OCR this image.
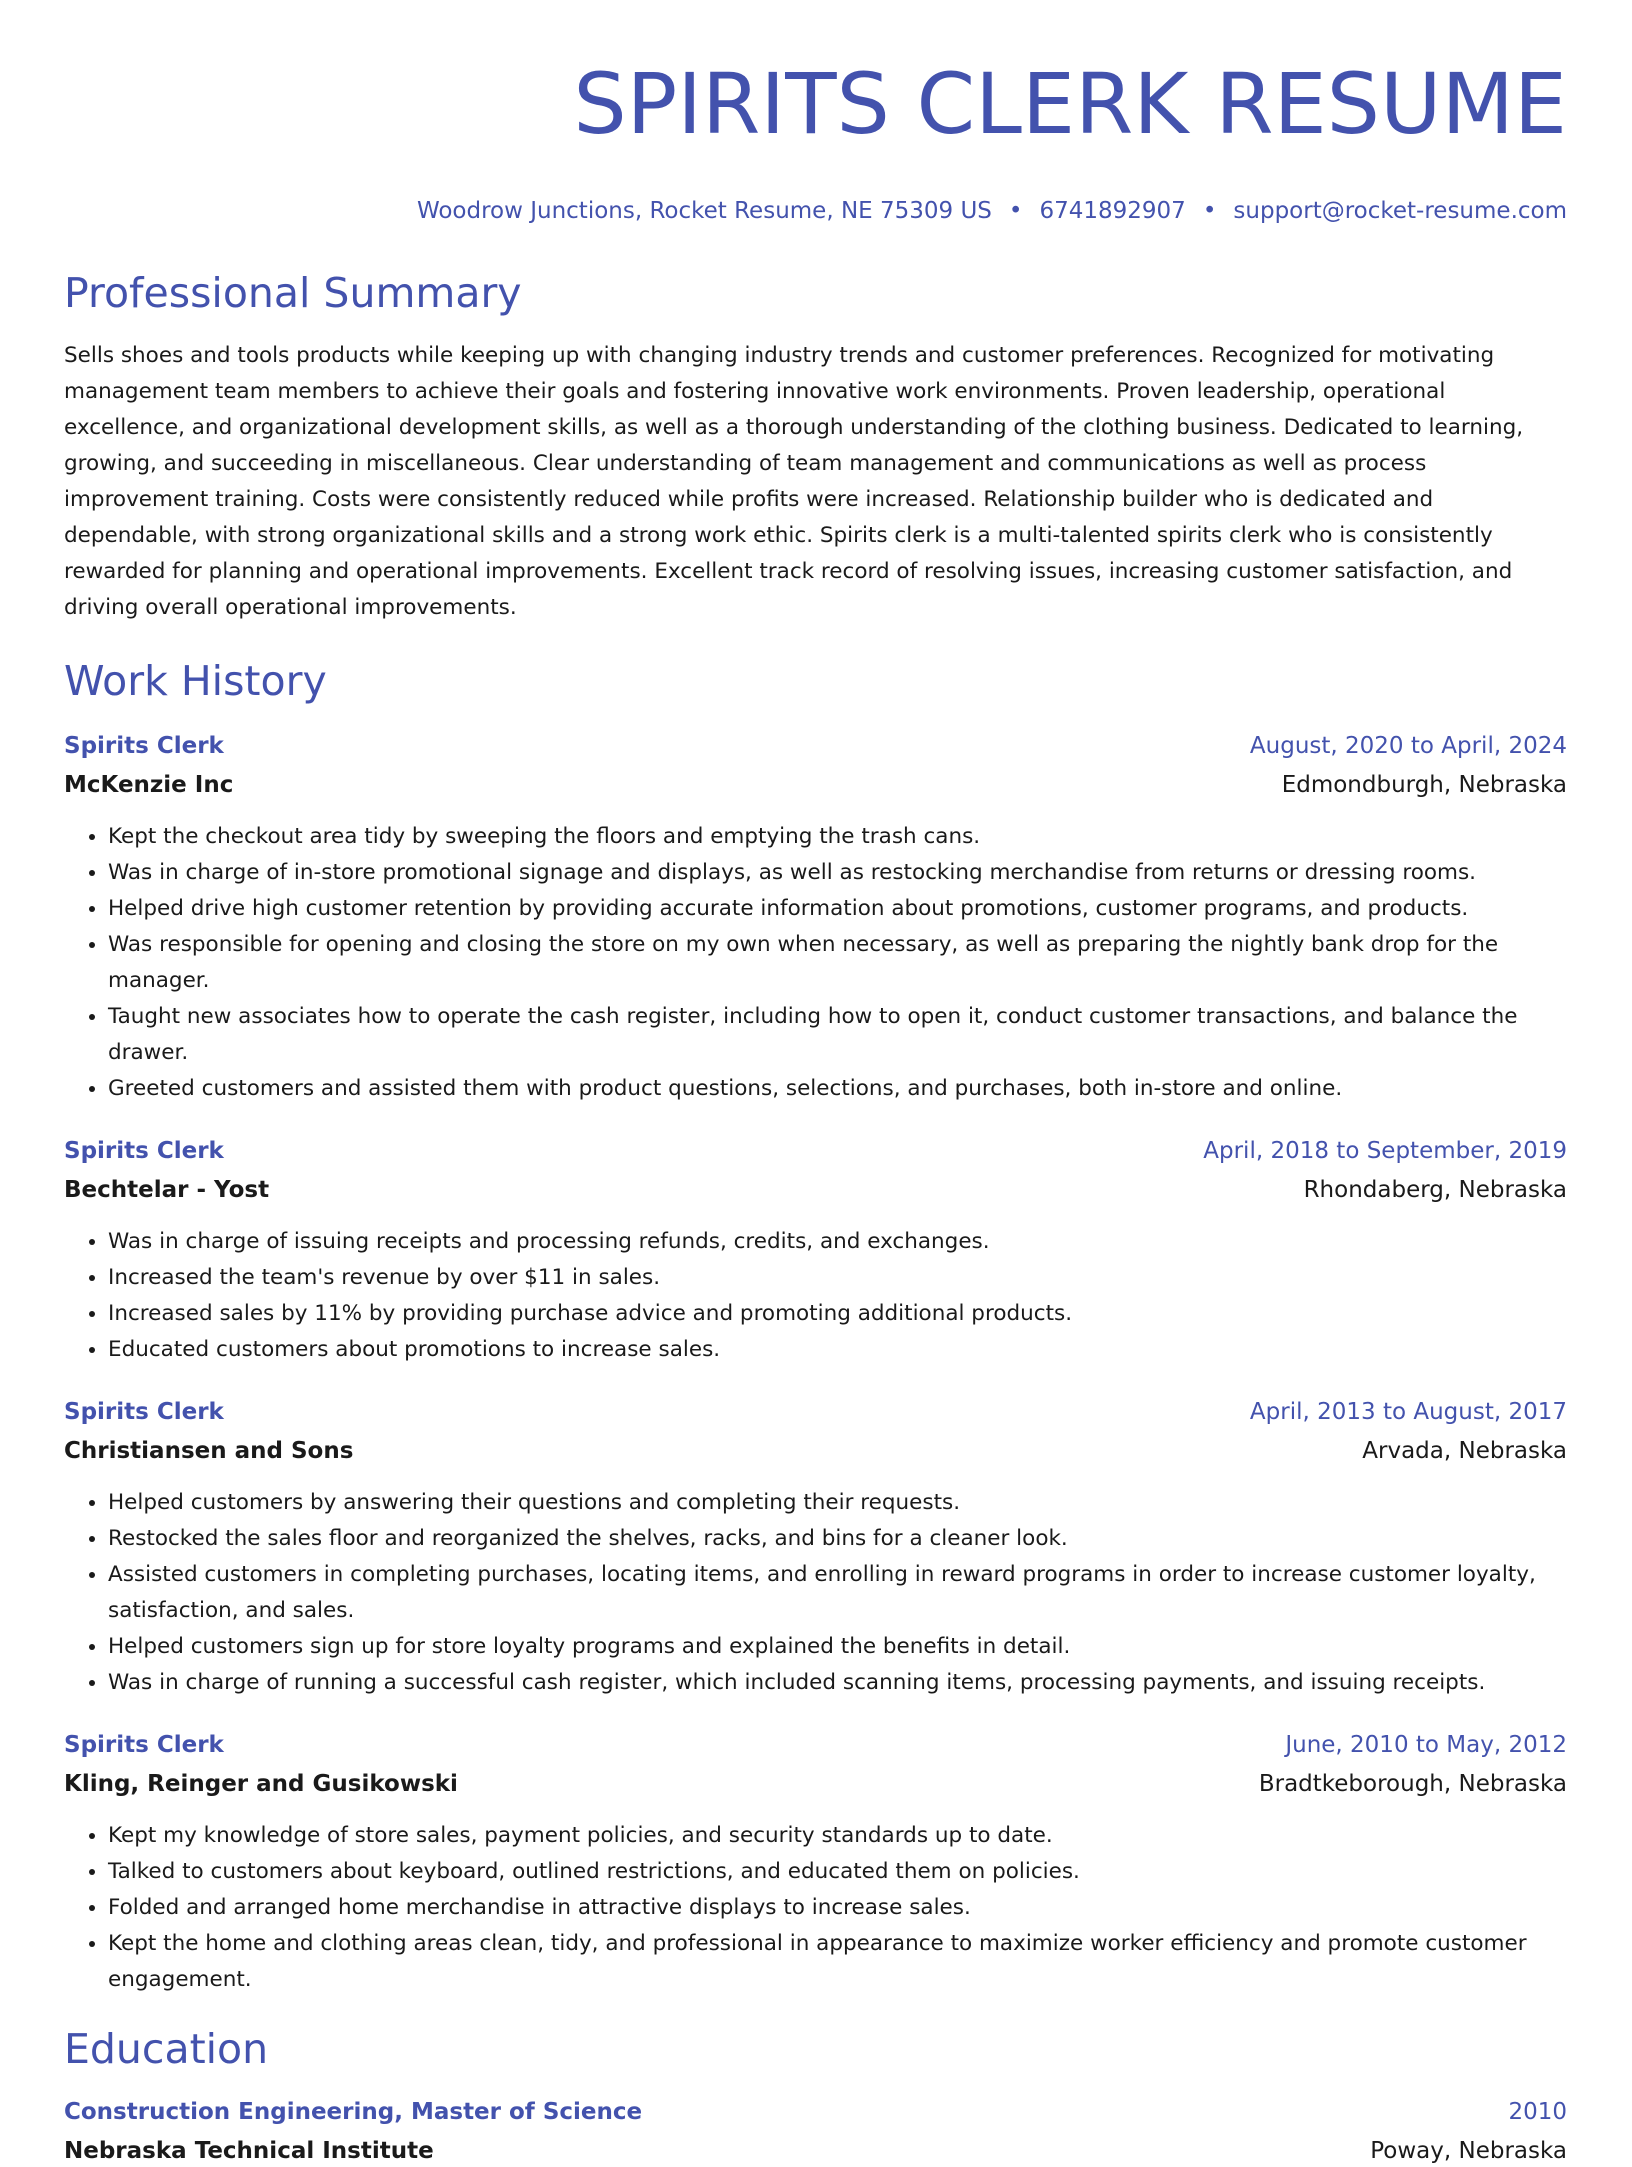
SPIRITS CLERK RESUME
Woodrow Junctions, Rocket Resume, NE 75309 US • 6741892907 • support@rocket-resume.com
Professional Summary

Sells shoes and tools products while keeping up with changing industry trends and customer preferences. Recognized for motivating management team members to achieve their goals and fostering innovative work environments. Proven leadership, operational excellence, and organizational development skills, as well as a thorough understanding of the clothing business. Dedicated to learning, growing, and succeeding in miscellaneous. Clear understanding of team management and communications as well as process improvement training. Costs were consistently reduced while profits were increased. Relationship builder who is dedicated and dependable, with strong organizational skills and a strong work ethic. Spirits clerk is a multi-talented spirits clerk who is consistently rewarded for planning and operational improvements. Excellent track record of resolving issues, increasing customer satisfaction, and driving overall operational improvements.

Work History
Spirits Clerk	August, 2020 to April, 2024
McKenzie Inc	Edmondburgh, Nebraska
• Kept the checkout area tidy by sweeping the floors and emptying the trash cans.
• Was in charge of in-store promotional signage and displays, as well as restocking merchandise from returns or dressing rooms.
• Helped drive high customer retention by providing accurate information about promotions, customer programs, and products.
• Was responsible for opening and closing the store on my own when necessary, as well as preparing the nightly bank drop for the manager.
• Taught new associates how to operate the cash register, including how to open it, conduct customer transactions, and balance the drawer.
• Greeted customers and assisted them with product questions, selections, and purchases, both in-store and online.
Spirits Clerk	April, 2018 to September, 2019
Bechtelar - Yost	Rhondaberg, Nebraska
• Was in charge of issuing receipts and processing refunds, credits, and exchanges.
• Increased the team's revenue by over $11 in sales.
• Increased sales by 11% by providing purchase advice and promoting additional products.
• Educated customers about promotions to increase sales.
Spirits Clerk	April, 2013 to August, 2017
Christiansen and Sons	Arvada, Nebraska
• Helped customers by answering their questions and completing their requests.
• Restocked the sales floor and reorganized the shelves, racks, and bins for a cleaner look.
• Assisted customers in completing purchases, locating items, and enrolling in reward programs in order to increase customer loyalty, satisfaction, and sales.
• Helped customers sign up for store loyalty programs and explained the benefits in detail.
• Was in charge of running a successful cash register, which included scanning items, processing payments, and issuing receipts.
Spirits Clerk	June, 2010 to May, 2012
Kling, Reinger and Gusikowski	Bradtkeborough, Nebraska
• Kept my knowledge of store sales, payment policies, and security standards up to date.
• Talked to customers about keyboard, outlined restrictions, and educated them on policies.
• Folded and arranged home merchandise in attractive displays to increase sales.
• Kept the home and clothing areas clean, tidy, and professional in appearance to maximize worker efficiency and promote customer engagement.
Education
Construction Engineering, Master of Science	2010
Nebraska Technical Institute	Poway, Nebraska
